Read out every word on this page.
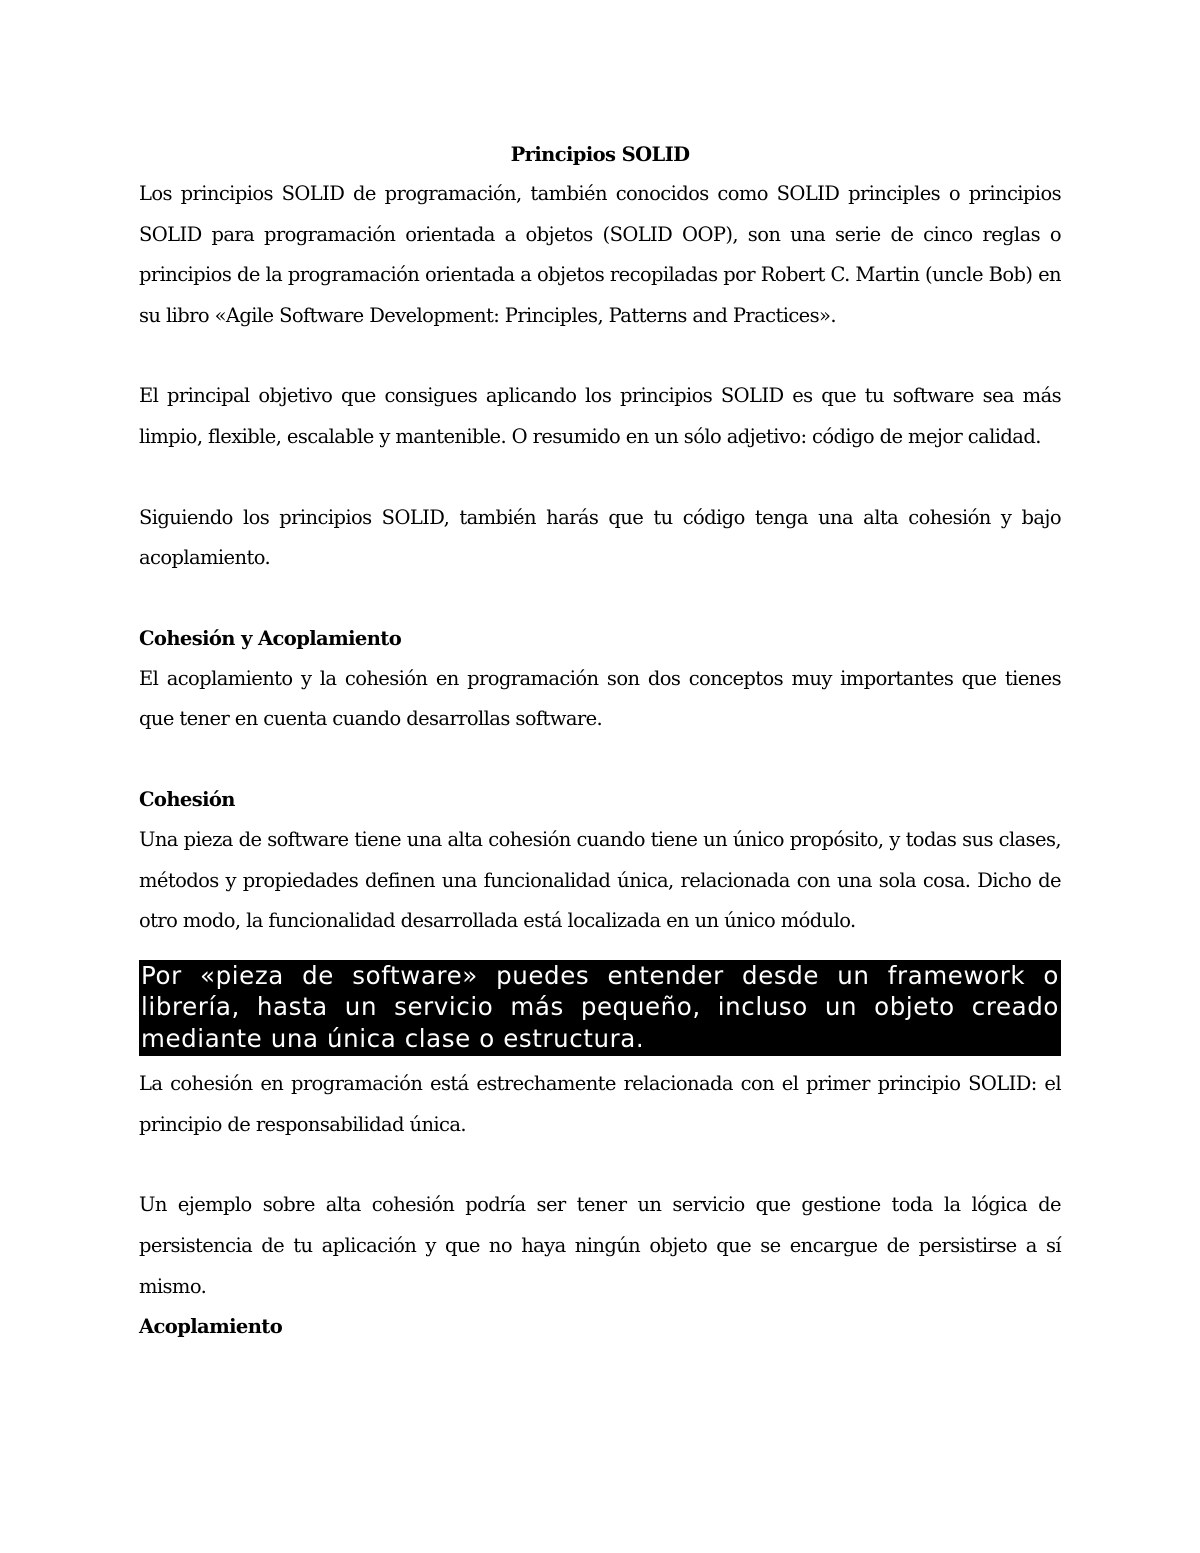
Principios SOLID

Los principios SOLID de programación, también conocidos como SOLID principles o principios SOLID para programación orientada a objetos (SOLID OOP), son una serie de cinco reglas o principios de la programación orientada a objetos recopiladas por Robert C. Martin (uncle Bob) en su libro «Agile Software Development: Principles, Patterns and Practices».

El principal objetivo que consigues aplicando los principios SOLID es que tu software sea más limpio, flexible, escalable y mantenible. O resumido en un sólo adjetivo: código de mejor calidad.

Siguiendo los principios SOLID, también harás que tu código tenga una alta cohesión y bajo acoplamiento.

Cohesión y Acoplamiento

El acoplamiento y la cohesión en programación son dos conceptos muy importantes que tienes que tener en cuenta cuando desarrollas software.

Cohesión

Una pieza de software tiene una alta cohesión cuando tiene un único propósito, y todas sus clases, métodos y propiedades definen una funcionalidad única, relacionada con una sola cosa. Dicho de otro modo, la funcionalidad desarrollada está localizada en un único módulo.

Por «pieza de software» puedes entender desde un framework o librería, hasta un servicio más pequeño, incluso un objeto creado mediante una única clase o estructura.

La cohesión en programación está estrechamente relacionada con el primer principio SOLID: el principio de responsabilidad única.

Un ejemplo sobre alta cohesión podría ser tener un servicio que gestione toda la lógica de persistencia de tu aplicación y que no haya ningún objeto que se encargue de persistirse a sí mismo.

Acoplamiento
